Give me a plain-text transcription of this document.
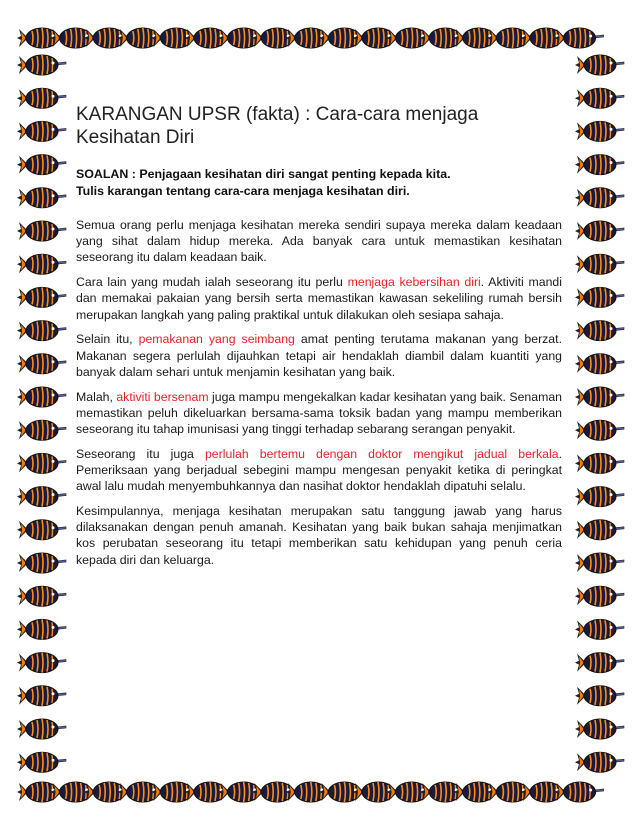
KARANGAN UPSR (fakta) : Cara-cara menjaga Kesihatan Diri
SOALAN : Penjagaan kesihatan diri sangat penting kepada kita.
Tulis karangan tentang cara-cara menjaga kesihatan diri.

Semua orang perlu menjaga kesihatan mereka sendiri supaya mereka dalam keadaan yang sihat dalam hidup mereka. Ada banyak cara untuk memastikan kesihatan seseorang itu dalam keadaan baik.

Cara lain yang mudah ialah seseorang itu perlu menjaga kebersihan diri. Aktiviti mandi dan memakai pakaian yang bersih serta memastikan kawasan sekeliling rumah bersih merupakan langkah yang paling praktikal untuk dilakukan oleh sesiapa sahaja.

Selain itu, pemakanan yang seimbang amat penting terutama makanan yang berzat. Makanan segera perlulah dijauhkan tetapi air hendaklah diambil dalam kuantiti yang banyak dalam sehari untuk menjamin kesihatan yang baik.

Malah, aktiviti bersenam juga mampu mengekalkan kadar kesihatan yang baik. Senaman memastikan peluh dikeluarkan bersama-sama toksik badan yang mampu memberikan seseorang itu tahap imunisasi yang tinggi terhadap sebarang serangan penyakit.

Seseorang itu juga perlulah bertemu dengan doktor mengikut jadual berkala. Pemeriksaan yang berjadual sebegini mampu mengesan penyakit ketika di peringkat awal lalu mudah menyembuhkannya dan nasihat doktor hendaklah dipatuhi selalu.

Kesimpulannya, menjaga kesihatan merupakan satu tanggung jawab yang harus dilaksanakan dengan penuh amanah. Kesihatan yang baik bukan sahaja menjimatkan kos perubatan seseorang itu tetapi memberikan satu kehidupan yang penuh ceria kepada diri dan keluarga.
